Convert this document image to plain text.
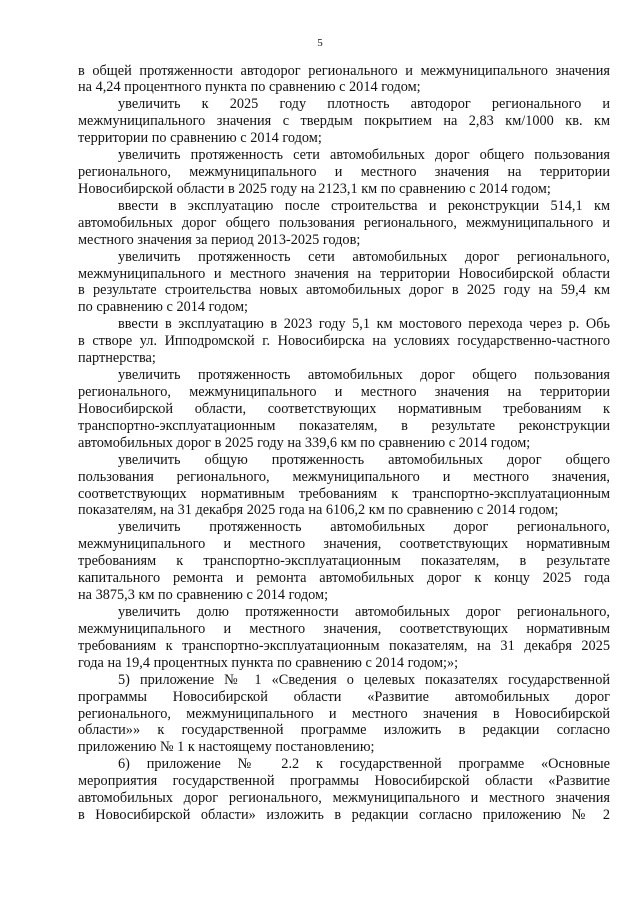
5
в общей протяженности автодорог регионального и межмуниципального значения
на 4,24 процентного пункта по сравнению с 2014 годом;
увеличить к 2025 году плотность автодорог регионального и
межмуниципального значения с твердым покрытием на 2,83 км/1000 кв. км
территории по сравнению с 2014 годом;
увеличить протяженность сети автомобильных дорог общего пользования
регионального, межмуниципального и местного значения на территории
Новосибирской области в 2025 году на 2123,1 км по сравнению с 2014 годом;
ввести в эксплуатацию после строительства и реконструкции 514,1 км
автомобильных дорог общего пользования регионального, межмуниципального и
местного значения за период 2013-2025 годов;
увеличить протяженность сети автомобильных дорог регионального,
межмуниципального и местного значения на территории Новосибирской области
в результате строительства новых автомобильных дорог в 2025 году на 59,4 км
по сравнению с 2014 годом;
ввести в эксплуатацию в 2023 году 5,1 км мостового перехода через р. Обь
в створе ул. Ипподромской г. Новосибирска на условиях государственно-частного
партнерства;
увеличить протяженность автомобильных дорог общего пользования
регионального, межмуниципального и местного значения на территории
Новосибирской области, соответствующих нормативным требованиям к
транспортно-эксплуатационным показателям, в результате реконструкции
автомобильных дорог в 2025 году на 339,6 км по сравнению с 2014 годом;
увеличить общую протяженность автомобильных дорог общего
пользования регионального, межмуниципального и местного значения,
соответствующих нормативным требованиям к транспортно-эксплуатационным
показателям, на 31 декабря 2025 года на 6106,2 км по сравнению с 2014 годом;
увеличить протяженность автомобильных дорог регионального,
межмуниципального и местного значения, соответствующих нормативным
требованиям к транспортно-эксплуатационным показателям, в результате
капитального ремонта и ремонта автомобильных дорог к концу 2025 года
на 3875,3 км по сравнению с 2014 годом;
увеличить долю протяженности автомобильных дорог регионального,
межмуниципального и местного значения, соответствующих нормативным
требованиям к транспортно-эксплуатационным показателям, на 31 декабря 2025
года на 19,4 процентных пункта по сравнению с 2014 годом;»;
5) приложение № 1 «Сведения о целевых показателях государственной
программы Новосибирской области «Развитие автомобильных дорог
регионального, межмуниципального и местного значения в Новосибирской
области»» к государственной программе изложить в редакции согласно
приложению № 1 к настоящему постановлению;
6) приложение № 2.2 к государственной программе «Основные
мероприятия государственной программы Новосибирской области «Развитие
автомобильных дорог регионального, межмуниципального и местного значения
в Новосибирской области» изложить в редакции согласно приложению № 2
